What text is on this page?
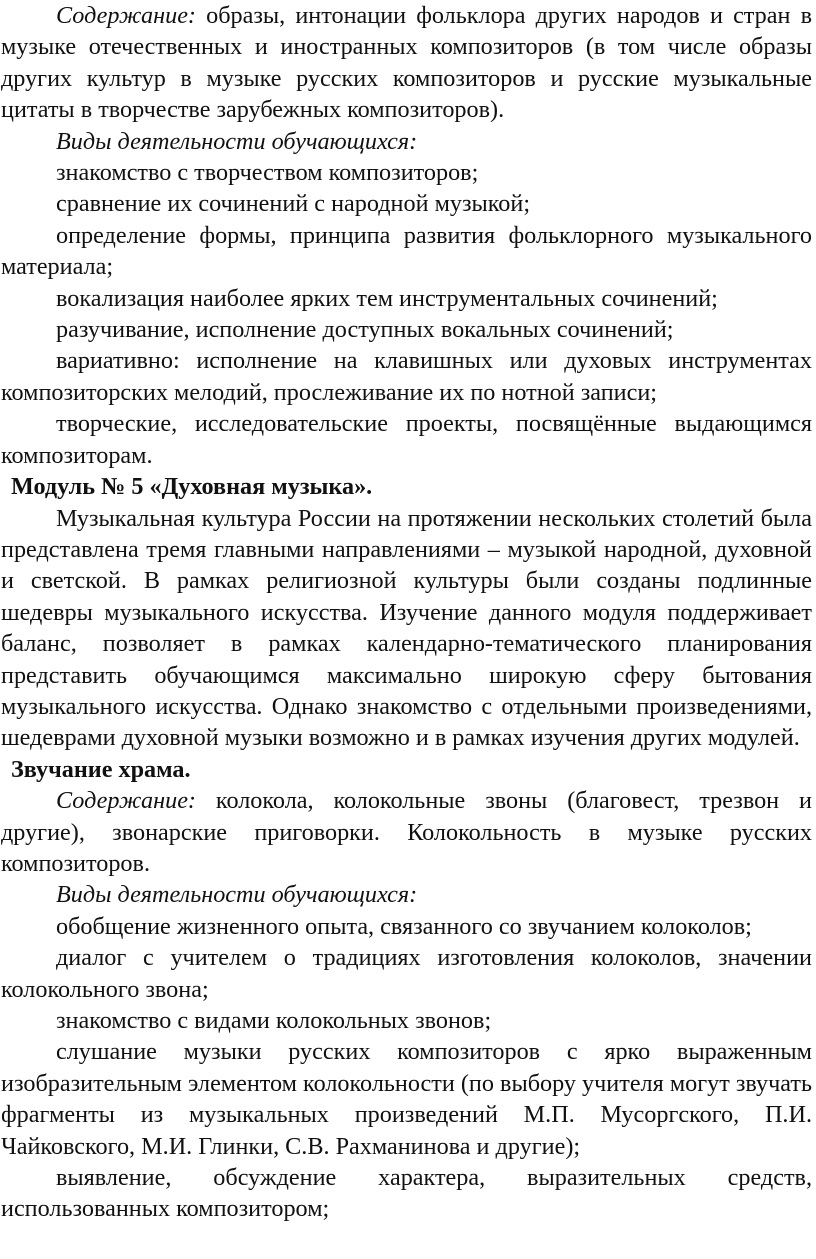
Содержание: образы, интонации фольклора других народов и стран в музыке отечественных и иностранных композиторов (в том числе образы других культур в музыке русских композиторов и русские музыкальные цитаты в творчестве зарубежных композиторов).

Виды деятельности обучающихся:

знакомство с творчеством композиторов;

сравнение их сочинений с народной музыкой;

определение формы, принципа развития фольклорного музыкального материала;

вокализация наиболее ярких тем инструментальных сочинений;

разучивание, исполнение доступных вокальных сочинений;

вариативно: исполнение на клавишных или духовых инструментах композиторских мелодий, прослеживание их по нотной записи;

творческие, исследовательские проекты, посвящённые выдающимся композиторам.

Модуль № 5 «Духовная музыка».

Музыкальная культура России на протяжении нескольких столетий была представлена тремя главными направлениями – музыкой народной, духовной и светской. В рамках религиозной культуры были созданы подлинные шедевры музыкального искусства. Изучение данного модуля поддерживает баланс, позволяет в рамках календарно-тематического планирования представить обучающимся максимально широкую сферу бытования музыкального искусства. Однако знакомство с отдельными произведениями, шедеврами духовной музыки возможно и в рамках изучения других модулей.

Звучание храма.

Содержание: колокола, колокольные звоны (благовест, трезвон и другие), звонарские приговорки. Колокольность в музыке русских композиторов.

Виды деятельности обучающихся:

обобщение жизненного опыта, связанного со звучанием колоколов;

диалог с учителем о традициях изготовления колоколов, значении колокольного звона;

знакомство с видами колокольных звонов;

слушание музыки русских композиторов с ярко выраженным изобразительным элементом колокольности (по выбору учителя могут звучать фрагменты из музыкальных произведений М.П. Мусоргского, П.И. Чайковского, М.И. Глинки, С.В. Рахманинова и другие);

выявление, обсуждение характера, выразительных средств, использованных композитором;
